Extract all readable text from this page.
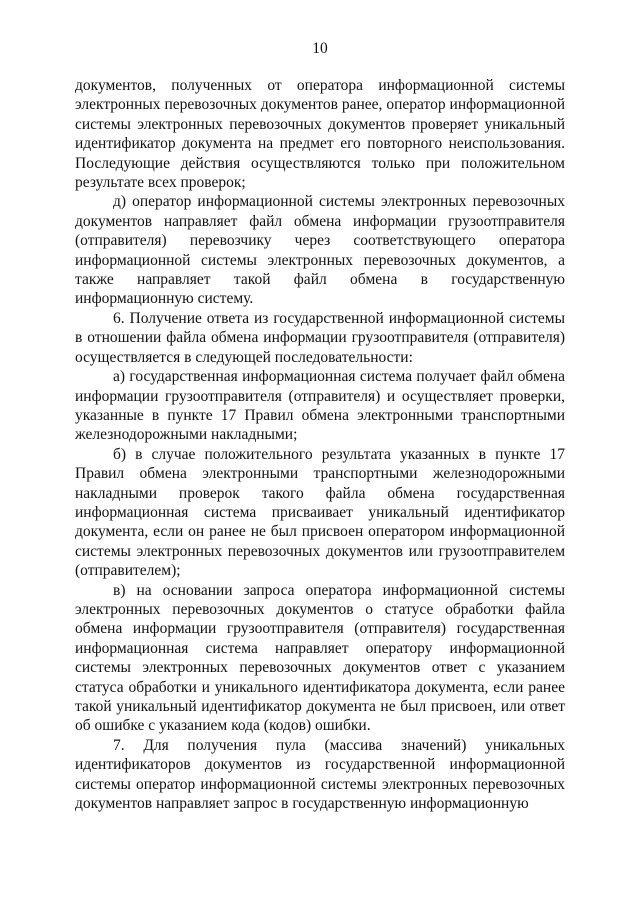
10

документов, полученных от оператора информационной системы электронных перевозочных документов ранее, оператор информационной системы электронных перевозочных документов проверяет уникальный идентификатор документа на предмет его повторного неиспользования. Последующие действия осуществляются только при положительном результате всех проверок;

д) оператор информационной системы электронных перевозочных документов направляет файл обмена информации грузоотправителя (отправителя) перевозчику через соответствующего оператора информационной системы электронных перевозочных документов, а также направляет такой файл обмена в государственную информационную систему.

6. Получение ответа из государственной информационной системы в отношении файла обмена информации грузоотправителя (отправителя) осуществляется в следующей последовательности:

а) государственная информационная система получает файл обмена информации грузоотправителя (отправителя) и осуществляет проверки, указанные в пункте 17 Правил обмена электронными транспортными железнодорожными накладными;

б) в случае положительного результата указанных в пункте 17 Правил обмена электронными транспортными железнодорожными накладными проверок такого файла обмена государственная информационная система присваивает уникальный идентификатор документа, если он ранее не был присвоен оператором информационной системы электронных перевозочных документов или грузоотправителем (отправителем);

в) на основании запроса оператора информационной системы электронных перевозочных документов о статусе обработки файла обмена информации грузоотправителя (отправителя) государственная информационная система направляет оператору информационной системы электронных перевозочных документов ответ с указанием статуса обработки и уникального идентификатора документа, если ранее такой уникальный идентификатор документа не был присвоен, или ответ об ошибке с указанием кода (кодов) ошибки.

7. Для получения пула (массива значений) уникальных идентификаторов документов из государственной информационной системы оператор информационной системы электронных перевозочных документов направляет запрос в государственную информационную
